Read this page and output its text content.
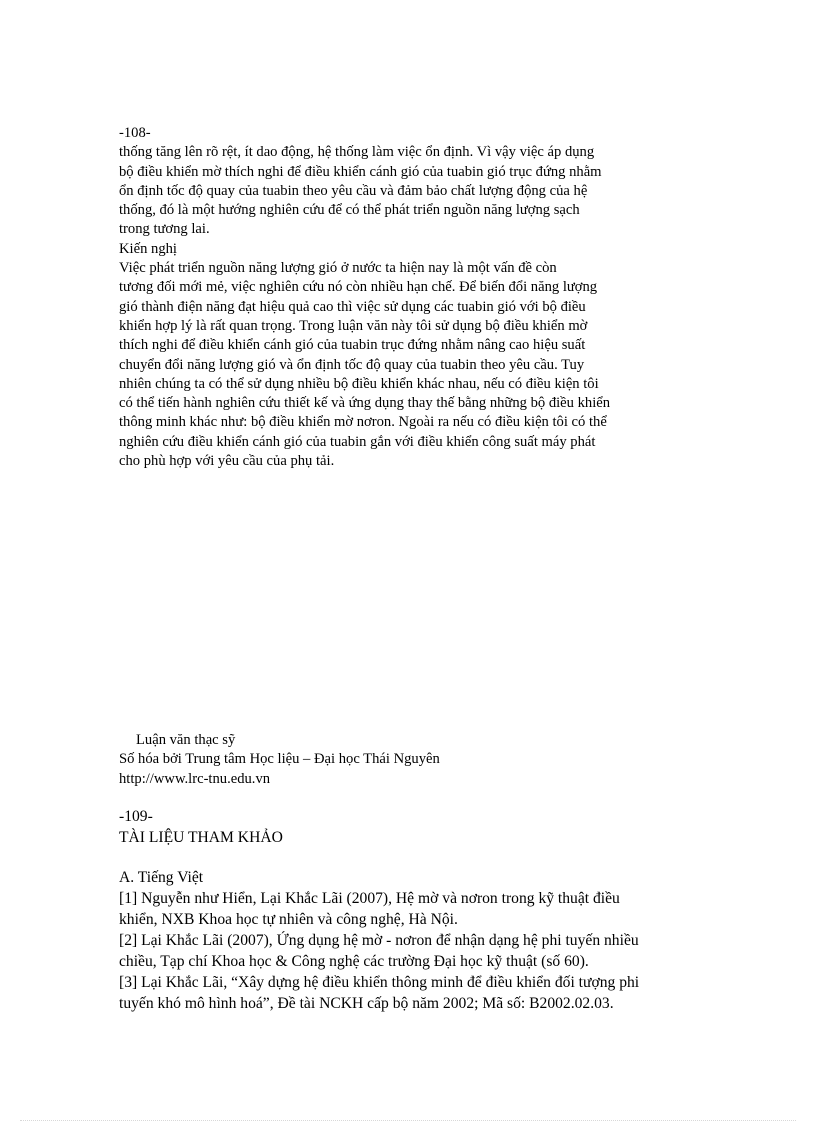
-108-
thống tăng lên rõ rệt, ít dao động, hệ thống làm việc ổn định. Vì vậy việc áp dụng
bộ điều khiển mờ thích nghi để điều khiển cánh gió của tuabin gió trục đứng nhằm
ổn định tốc độ quay của tuabin theo yêu cầu và đảm bảo chất lượng động của hệ
thống, đó là một hướng nghiên cứu để có thể phát triển nguồn năng lượng sạch
trong tương lai.
Kiến nghị
Việc phát triển nguồn năng lượng gió ở nước ta hiện nay là một vấn đề còn
tương đối mới mẻ, việc nghiên cứu nó còn nhiều hạn chế. Để biến đổi năng lượng
gió thành điện năng đạt hiệu quả cao thì việc sử dụng các tuabin gió với bộ điều
khiển hợp lý là rất quan trọng. Trong luận văn này tôi sử dụng bộ điều khiển mờ
thích nghi để điều khiển cánh gió của tuabin trục đứng nhằm nâng cao hiệu suất
chuyển đổi năng lượng gió và ổn định tốc độ quay của tuabin theo yêu cầu. Tuy
nhiên chúng ta có thể sử dụng nhiều bộ điều khiển khác nhau, nếu có điều kiện tôi
có thể tiến hành nghiên cứu thiết kế và ứng dụng thay thế bằng những bộ điều khiển
thông minh khác như: bộ điều khiển mờ nơron. Ngoài ra nếu có điều kiện tôi có thể
nghiên cứu điều khiển cánh gió của tuabin gắn với điều khiển công suất máy phát
cho phù hợp với yêu cầu của phụ tải.
Luận văn thạc sỹ
Số hóa bởi Trung tâm Học liệu – Đại học Thái Nguyên
http://www.lrc-tnu.edu.vn
-109-
TÀI LIỆU THAM KHẢO
A. Tiếng Việt
[1] Nguyễn như Hiển, Lại Khắc Lãi (2007), Hệ mờ và nơron trong kỹ thuật điều
khiển, NXB Khoa học tự nhiên và công nghệ, Hà Nội.
[2] Lại Khắc Lãi (2007), Ứng dụng hệ mờ - nơron để nhận dạng hệ phi tuyến nhiều
chiều, Tạp chí Khoa học & Công nghệ các trường Đại học kỹ thuật (số 60).
[3] Lại Khắc Lãi, “Xây dựng hệ điều khiển thông minh để điều khiển đối tượng phi
tuyến khó mô hình hoá”, Đề tài NCKH cấp bộ năm 2002; Mã số: B2002.02.03.
